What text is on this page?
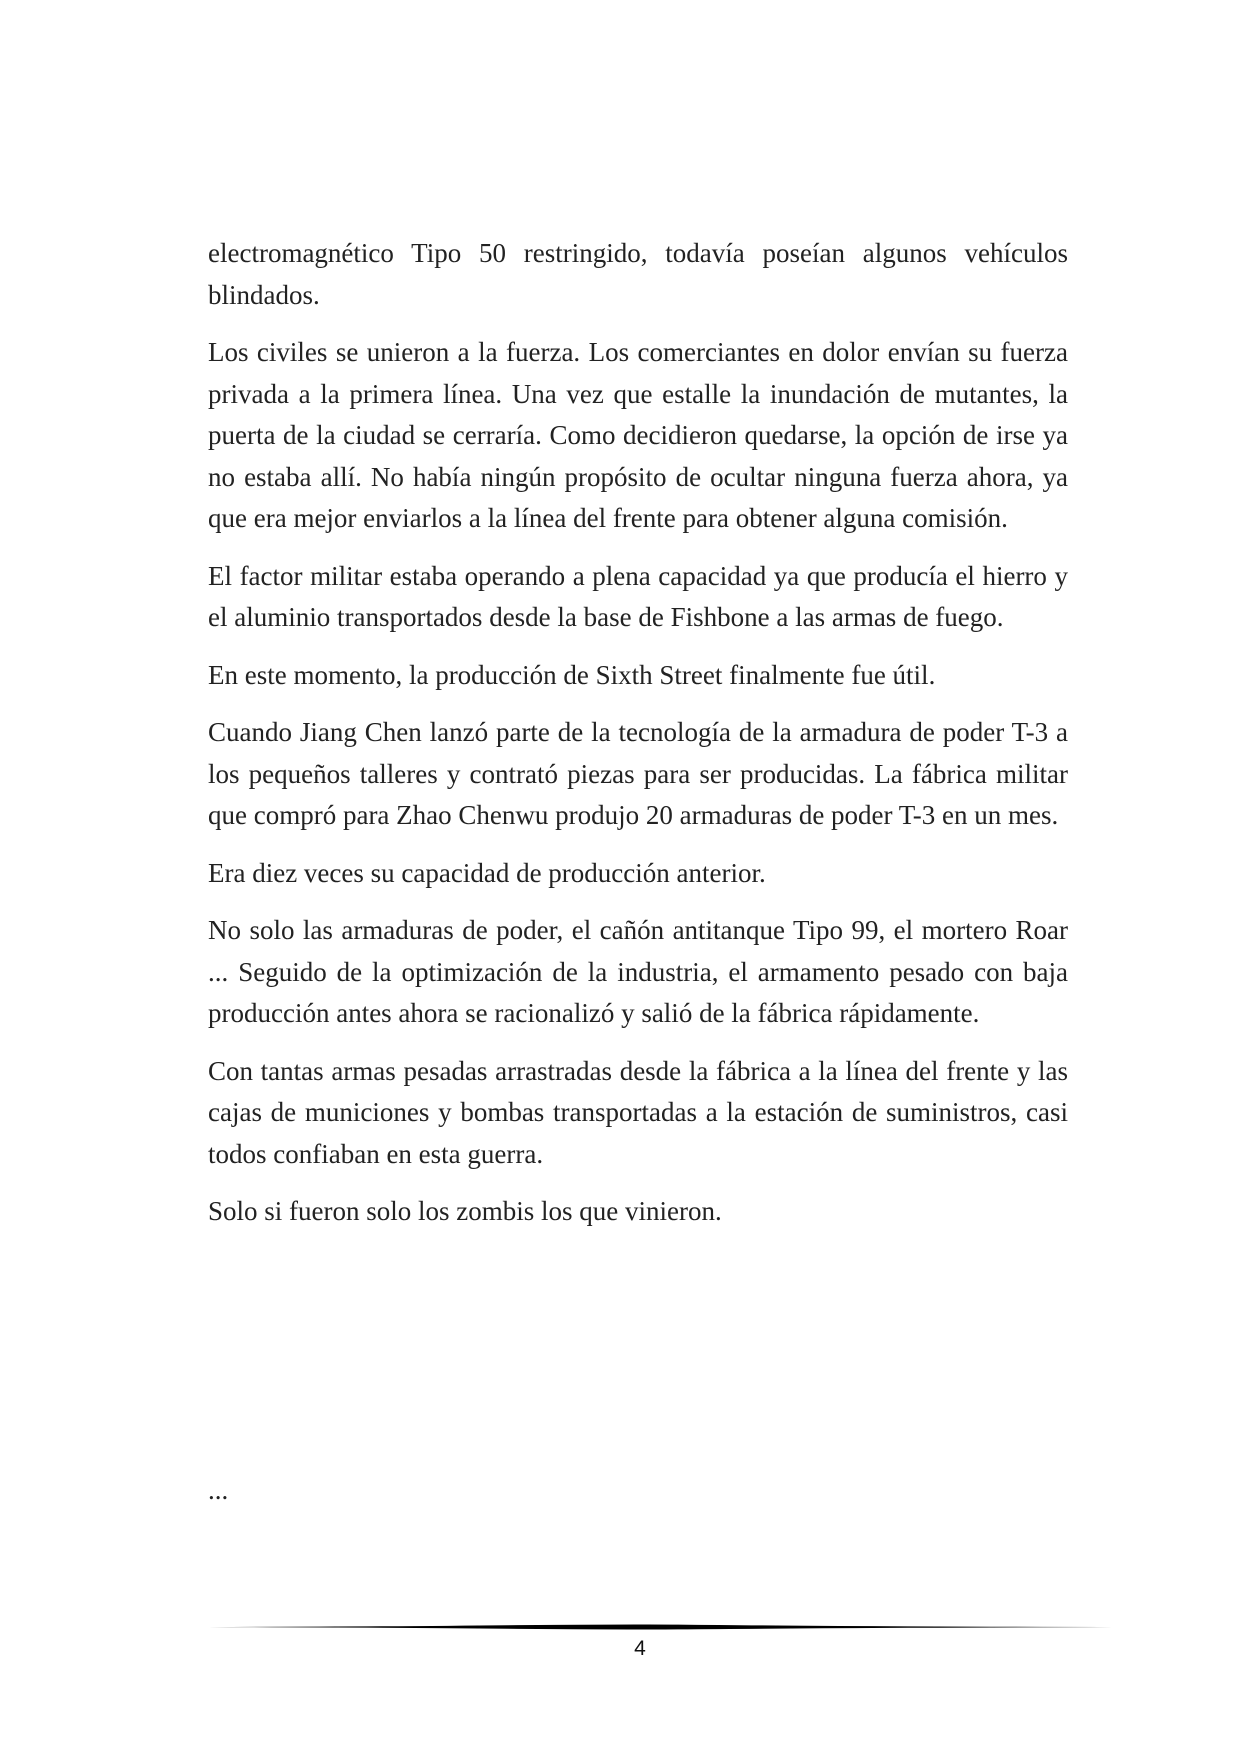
electromagnético Tipo 50 restringido, todavía poseían algunos vehículos blindados.

Los civiles se unieron a la fuerza. Los comerciantes en dolor envían su fuerza privada a la primera línea. Una vez que estalle la inundación de mutantes, la puerta de la ciudad se cerraría. Como decidieron quedarse, la opción de irse ya no estaba allí. No había ningún propósito de ocultar ninguna fuerza ahora, ya que era mejor enviarlos a la línea del frente para obtener alguna comisión.

El factor militar estaba operando a plena capacidad ya que producía el hierro y el aluminio transportados desde la base de Fishbone a las armas de fuego.

En este momento, la producción de Sixth Street finalmente fue útil.

Cuando Jiang Chen lanzó parte de la tecnología de la armadura de poder T-3 a los pequeños talleres y contrató piezas para ser producidas. La fábrica militar que compró para Zhao Chenwu produjo 20 armaduras de poder T-3 en un mes.

Era diez veces su capacidad de producción anterior.

No solo las armaduras de poder, el cañón antitanque Tipo 99, el mortero Roar ... Seguido de la optimización de la industria, el armamento pesado con baja producción antes ahora se racionalizó y salió de la fábrica rápidamente.

Con tantas armas pesadas arrastradas desde la fábrica a la línea del frente y las cajas de municiones y bombas transportadas a la estación de suministros, casi todos confiaban en esta guerra.

Solo si fueron solo los zombis los que vinieron.

...
4
